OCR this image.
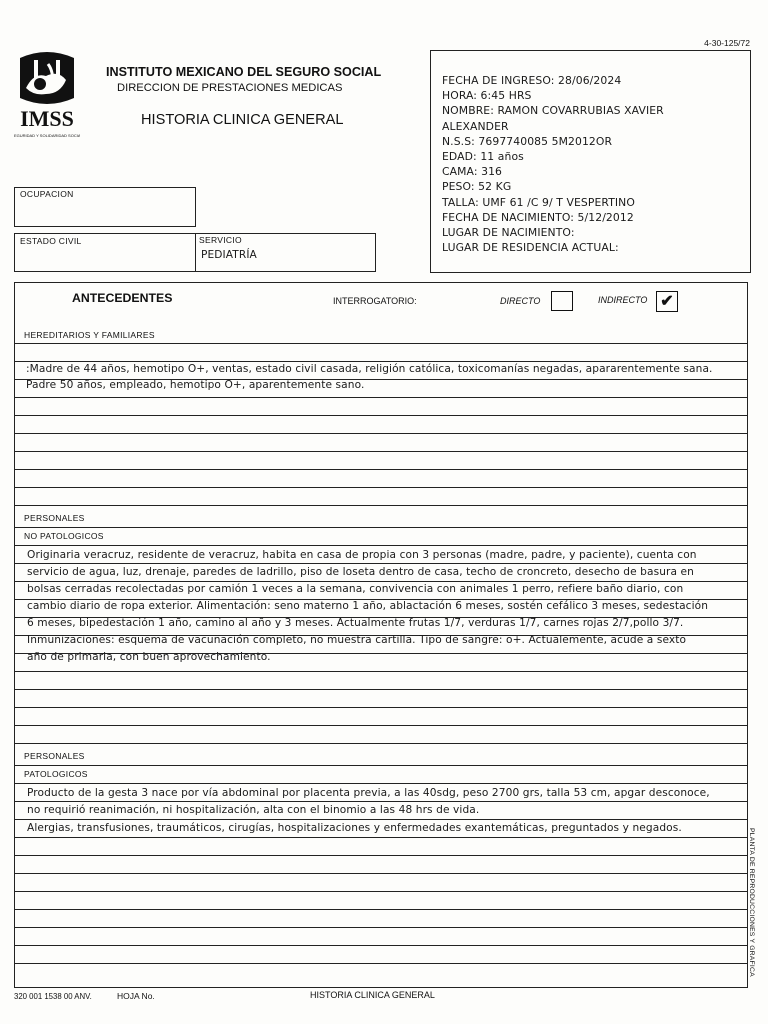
4-30-125/72
IMSS
SEGURIDAD Y SOLIDARIDAD SOCIAL
INSTITUTO MEXICANO DEL SEGURO SOCIAL
DIRECCION DE PRESTACIONES MEDICAS
HISTORIA CLINICA GENERAL
FECHA DE INGRESO: 28/06/2024
HORA: 6:45 HRS
NOMBRE: RAMON COVARRUBIAS XAVIER
ALEXANDER
N.S.S: 7697740085 5M2012OR
EDAD: 11 años
CAMA: 316
PESO: 52 KG
TALLA: UMF 61 /C 9/ T VESPERTINO
FECHA DE NACIMIENTO: 5/12/2012
LUGAR DE NACIMIENTO:
LUGAR DE RESIDENCIA ACTUAL:
OCUPACION
ESTADO CIVIL	SERVICIO
PEDIATRÍA
ANTECEDENTES	INTERROGATORIO:	DIRECTO	INDIRECTO ✔
HEREDITARIOS Y FAMILIARES
PERSONALES
NO PATOLOGICOS
PERSONALES
PATOLOGICOS
:Madre de 44 años, hemotipo O+, ventas, estado civil casada, religión católica, toxicomanías negadas, apararentemente sana.
Padre 50 años, empleado, hemotipo O+, aparentemente sano.
Originaria veracruz, residente de veracruz, habita en casa de propia con 3 personas (madre, padre, y paciente), cuenta con
servicio de agua, luz, drenaje, paredes de ladrillo, piso de loseta dentro de casa, techo de croncreto, desecho de basura en
bolsas cerradas recolectadas por camión 1 veces a la semana, convivencia con animales 1 perro, refiere baño diario, con
cambio diario de ropa exterior. Alimentación: seno materno 1 año, ablactación 6 meses, sostén cefálico 3 meses, sedestación
6 meses, bipedestación 1 año, camino al año y 3 meses. Actualmente frutas 1/7, verduras 1/7, carnes rojas 2/7,pollo 3/7.
Inmunizaciones: esquema de vacunación completo, no muestra cartilla. Tipo de sangre: o+. Actualemente, acude a sexto
año de primaria, con buen aprovechamiento.
Producto de la gesta 3 nace por vía abdominal por placenta previa, a las 40sdg, peso 2700 grs, talla 53 cm, apgar desconoce,
no requirió reanimación, ni hospitalización, alta con el binomio a las 48 hrs de vida.
Alergias, transfusiones, traumáticos, cirugías, hospitalizaciones y enfermedades exantemáticas, preguntados y negados.	PLANTA DE REPRODUCCIONES Y GRAFICA
320 001 1538 00 ANV.	HOJA No.	HISTORIA CLINICA GENERAL
